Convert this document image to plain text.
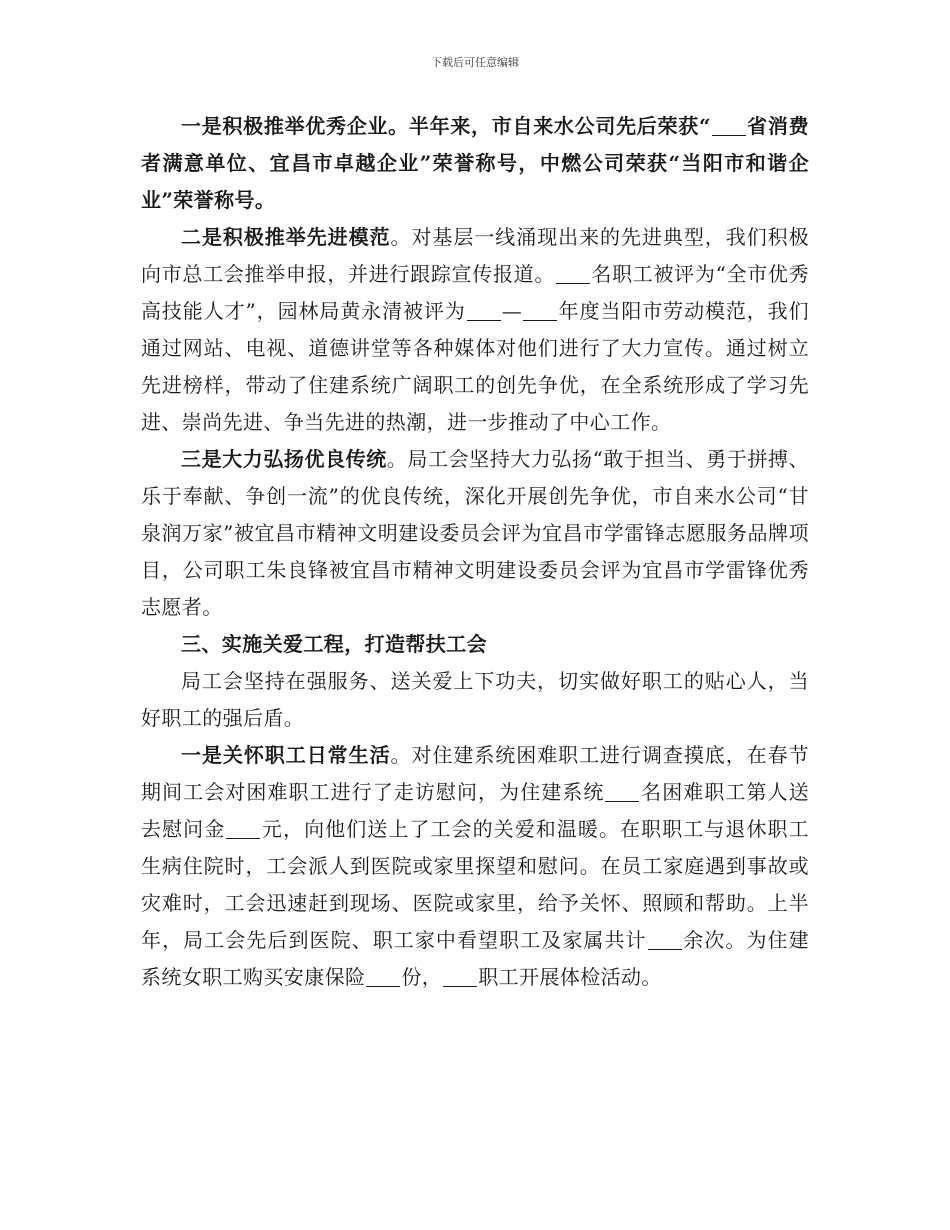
下载后可任意编辑

一是积极推举优秀企业。半年来，市自来水公司先后荣获“ 省消费者满意单位、宜昌市卓越企业”荣誉称号，中燃公司荣获“当阳市和谐企业”荣誉称号。

二是积极推举先进模范。对基层一线涌现出来的先进典型，我们积极向市总工会推举申报，并进行跟踪宣传报道。 名职工被评为“全市优秀高技能人才”，园林局黄永清被评为 — 年度当阳市劳动模范，我们通过网站、电视、道德讲堂等各种媒体对他们进行了大力宣传。通过树立先进榜样，带动了住建系统广阔职工的创先争优，在全系统形成了学习先进、崇尚先进、争当先进的热潮，进一步推动了中心工作。

三是大力弘扬优良传统。局工会坚持大力弘扬“敢于担当、勇于拼搏、乐于奉献、争创一流”的优良传统，深化开展创先争优，市自来水公司“甘泉润万家”被宜昌市精神文明建设委员会评为宜昌市学雷锋志愿服务品牌项目，公司职工朱良锋被宜昌市精神文明建设委员会评为宜昌市学雷锋优秀志愿者。

三、实施关爱工程，打造帮扶工会

局工会坚持在强服务、送关爱上下功夫，切实做好职工的贴心人，当好职工的强后盾。

一是关怀职工日常生活。对住建系统困难职工进行调查摸底，在春节期间工会对困难职工进行了走访慰问，为住建系统 名困难职工第人送去慰问金 元，向他们送上了工会的关爱和温暖。在职职工与退休职工生病住院时，工会派人到医院或家里探望和慰问。在员工家庭遇到事故或灾难时，工会迅速赶到现场、医院或家里，给予关怀、照顾和帮助。上半年，局工会先后到医院、职工家中看望职工及家属共计 余次。为住建系统女职工购买安康保险 份， 职工开展体检活动。
